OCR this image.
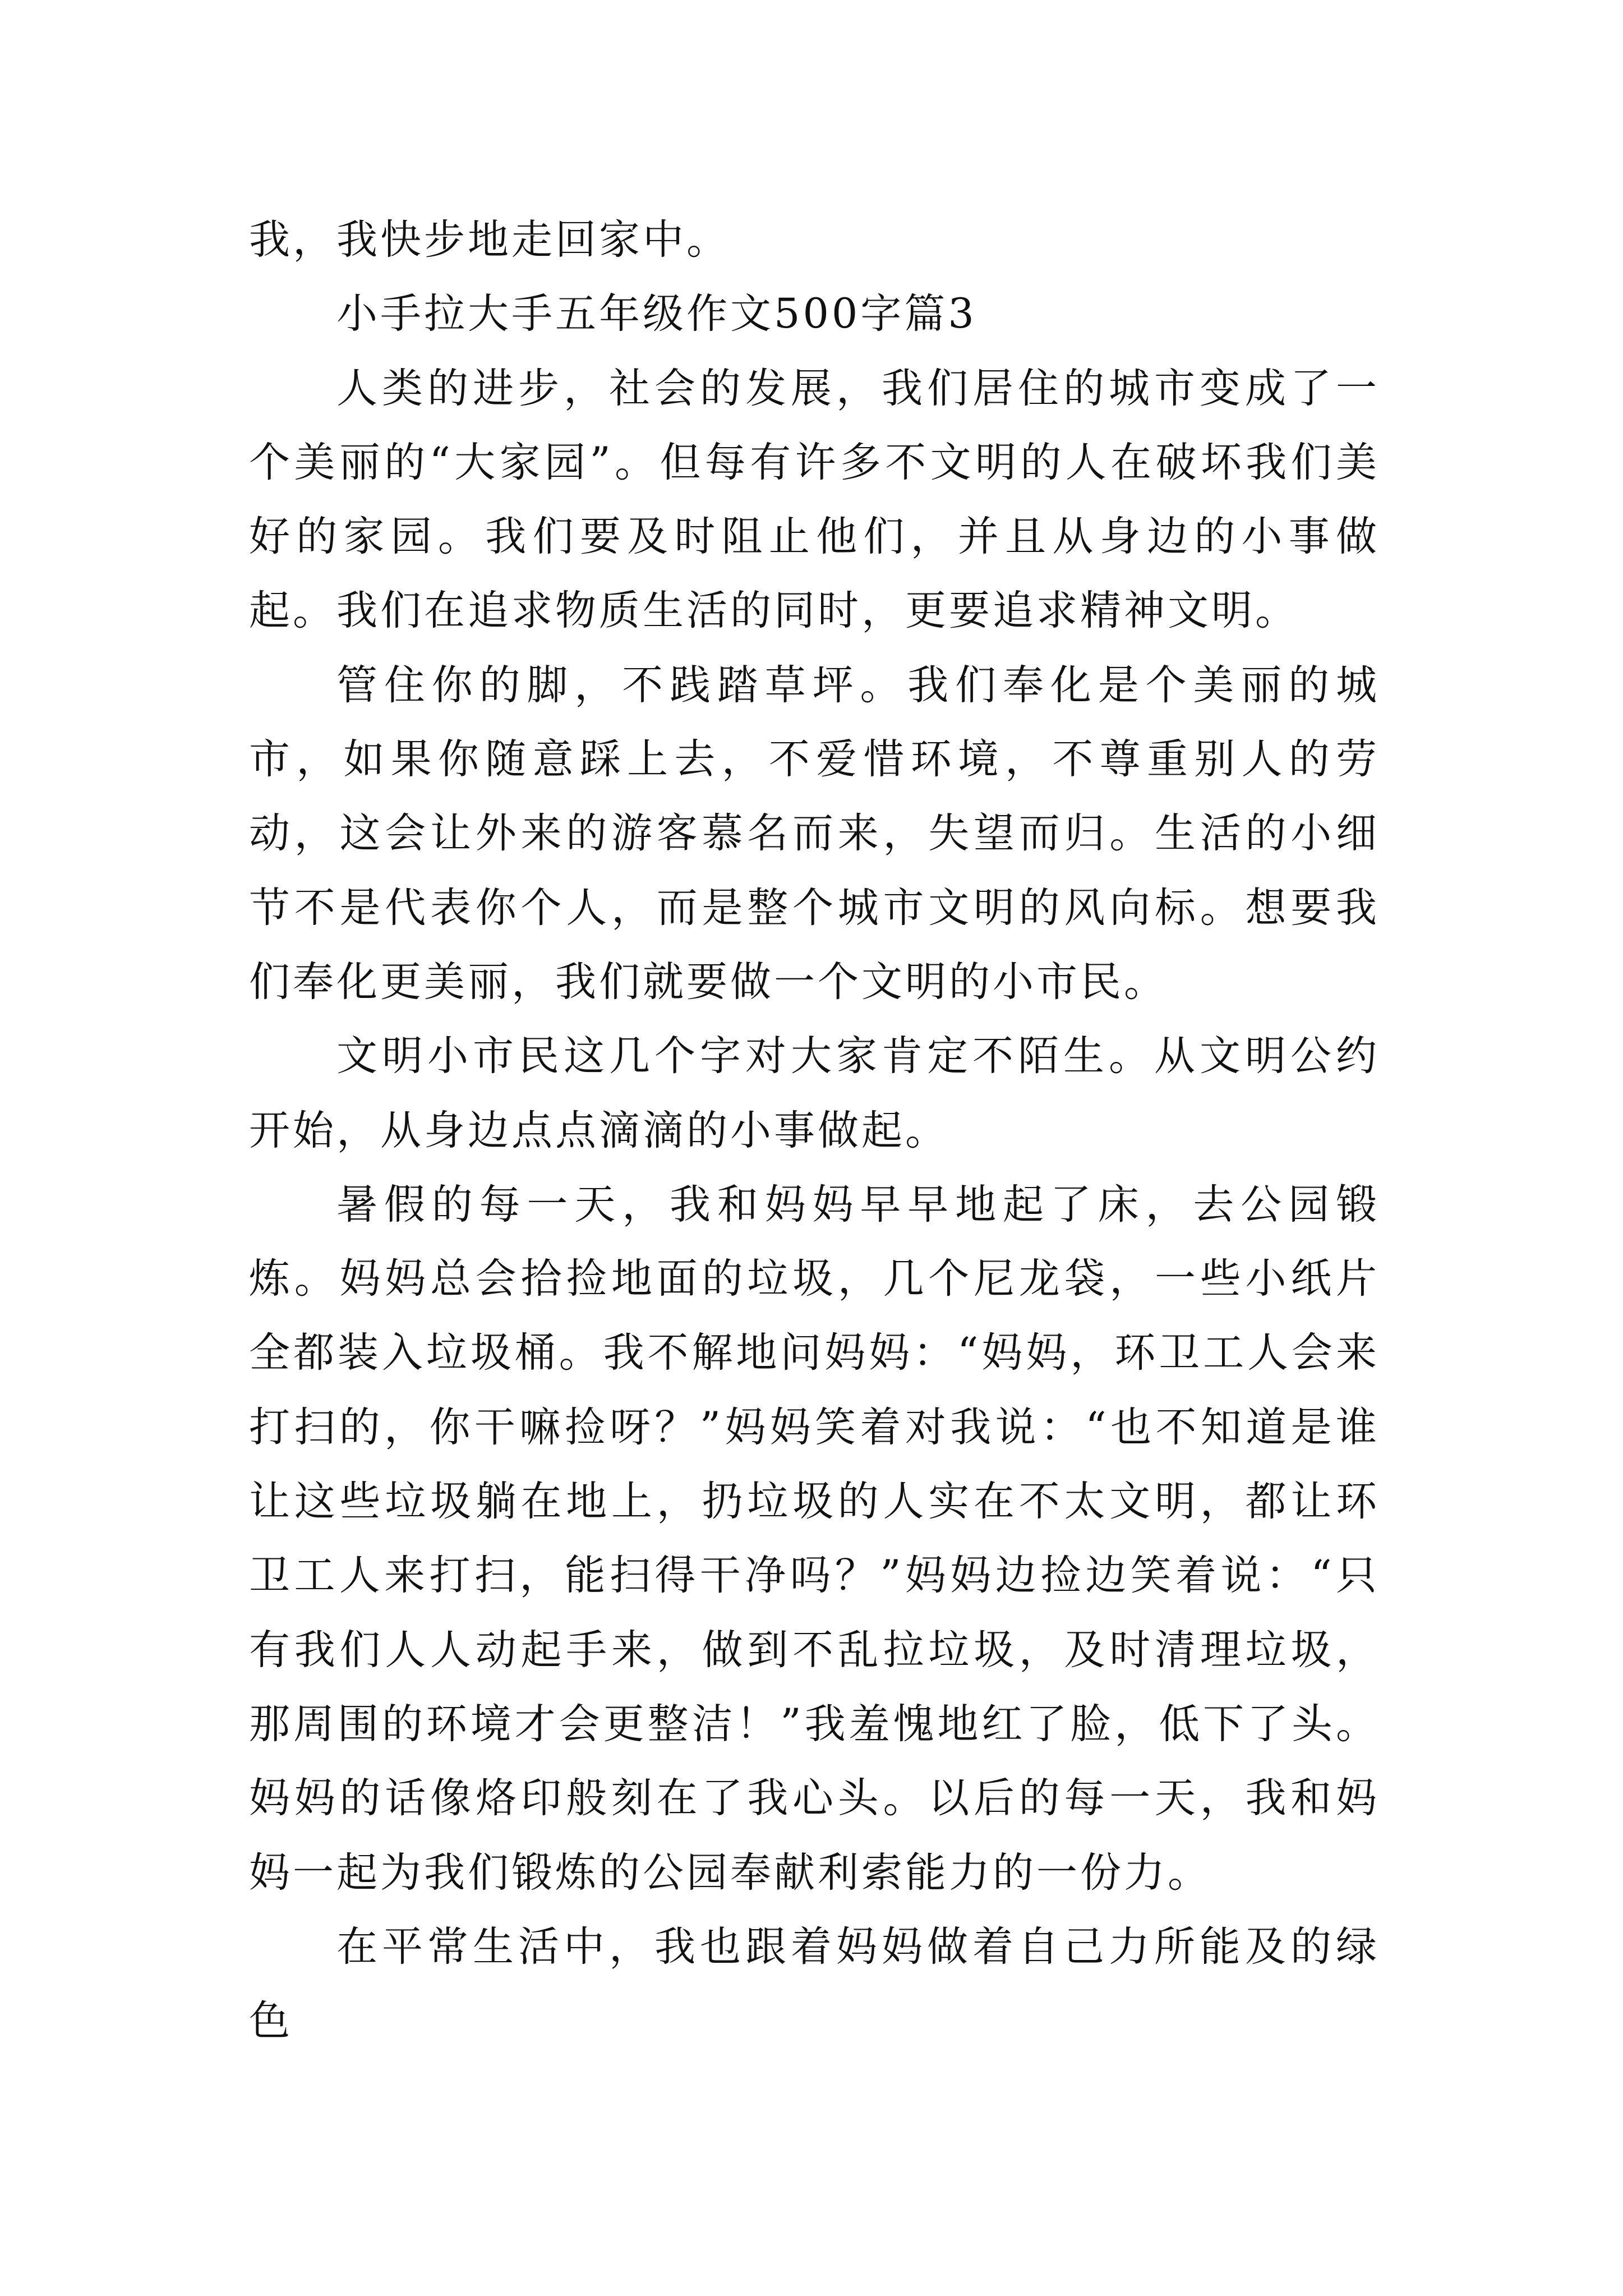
我，我快步地走回家中。

小手拉大手五年级作文500字篇3

人类的进步，社会的发展，我们居住的城市变成了一个美丽的“大家园”。但每有许多不文明的人在破坏我们美好的家园。我们要及时阻止他们，并且从身边的小事做起。我们在追求物质生活的同时，更要追求精神文明。

管住你的脚，不践踏草坪。我们奉化是个美丽的城市，如果你随意踩上去，不爱惜环境，不尊重别人的劳动，这会让外来的游客慕名而来，失望而归。生活的小细节不是代表你个人，而是整个城市文明的风向标。想要我们奉化更美丽，我们就要做一个文明的小市民。

文明小市民这几个字对大家肯定不陌生。从文明公约开始，从身边点点滴滴的小事做起。

暑假的每一天，我和妈妈早早地起了床，去公园锻炼。妈妈总会拾捡地面的垃圾，几个尼龙袋，一些小纸片全都装入垃圾桶。我不解地问妈妈：“妈妈，环卫工人会来打扫的，你干嘛捡呀？”妈妈笑着对我说：“也不知道是谁让这些垃圾躺在地上，扔垃圾的人实在不太文明，都让环卫工人来打扫，能扫得干净吗？”妈妈边捡边笑着说：“只有我们人人动起手来，做到不乱拉垃圾，及时清理垃圾，那周围的环境才会更整洁！”我羞愧地红了脸，低下了头。妈妈的话像烙印般刻在了我心头。以后的每一天，我和妈妈一起为我们锻炼的公园奉献利索能力的一份力。

在平常生活中，我也跟着妈妈做着自己力所能及的绿色
